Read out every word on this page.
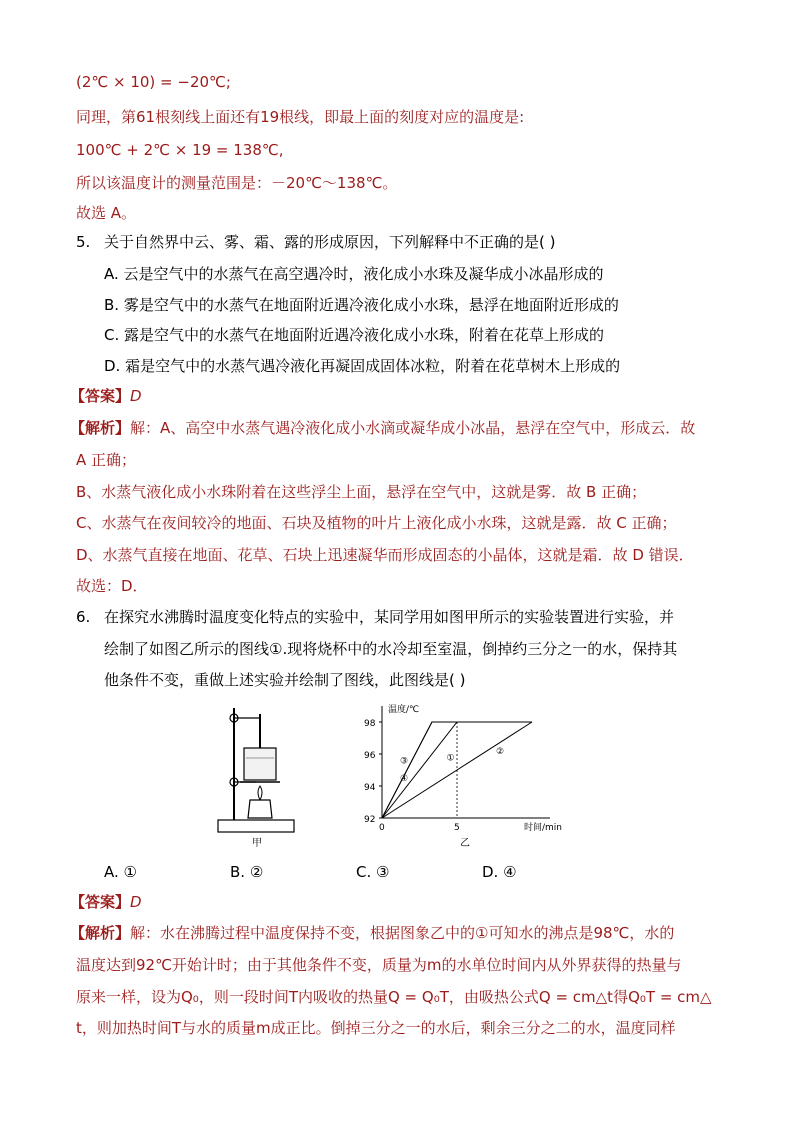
(2℃ × 10) = −20℃;
同理，第61根刻线上面还有19根线，即最上面的刻度对应的温度是:
100℃ + 2℃ × 19 = 138℃,
所以该温度计的测量范围是：－20℃～138℃。
故选 A。
5. 关于自然界中云、雾、霜、露的形成原因，下列解释中不正确的是( )
A. 云是空气中的水蒸气在高空遇冷时，液化成小水珠及凝华成小冰晶形成的
B. 雾是空气中的水蒸气在地面附近遇冷液化成小水珠，悬浮在地面附近形成的
C. 露是空气中的水蒸气在地面附近遇冷液化成小水珠，附着在花草上形成的
D. 霜是空气中的水蒸气遇冷液化再凝固成固体冰粒，附着在花草树木上形成的
【答案】D
【解析】解：A、高空中水蒸气遇冷液化成小水滴或凝华成小冰晶，悬浮在空气中，形成云．故
A 正确；
B、水蒸气液化成小水珠附着在这些浮尘上面，悬浮在空气中，这就是雾．故 B 正确；
C、水蒸气在夜间较冷的地面、石块及植物的叶片上液化成小水珠，这就是露．故 C 正确；
D、水蒸气直接在地面、花草、石块上迅速凝华而形成固态的小晶体，这就是霜．故 D 错误．
故选：D．
6. 在探究水沸腾时温度变化特点的实验中，某同学用如图甲所示的实验装置进行实验，并
绘制了如图乙所示的图线①.现将烧杯中的水冷却至室温，倒掉约三分之一的水，保持其
他条件不变，重做上述实验并绘制了图线，此图线是( )
甲
92
94
96
98
0	5
温度/℃
时间/min
①
②
③
④
乙
A. ①	B. ②	C. ③	D. ④
【答案】D
【解析】解：水在沸腾过程中温度保持不变，根据图象乙中的①可知水的沸点是98℃，水的
温度达到92℃开始计时；由于其他条件不变，质量为m的水单位时间内从外界获得的热量与
原来一样，设为Q₀，则一段时间T内吸收的热量Q = Q₀T，由吸热公式Q = cm△t得Q₀T = cm△
t，则加热时间T与水的质量m成正比。倒掉三分之一的水后，剩余三分之二的水，温度同样
